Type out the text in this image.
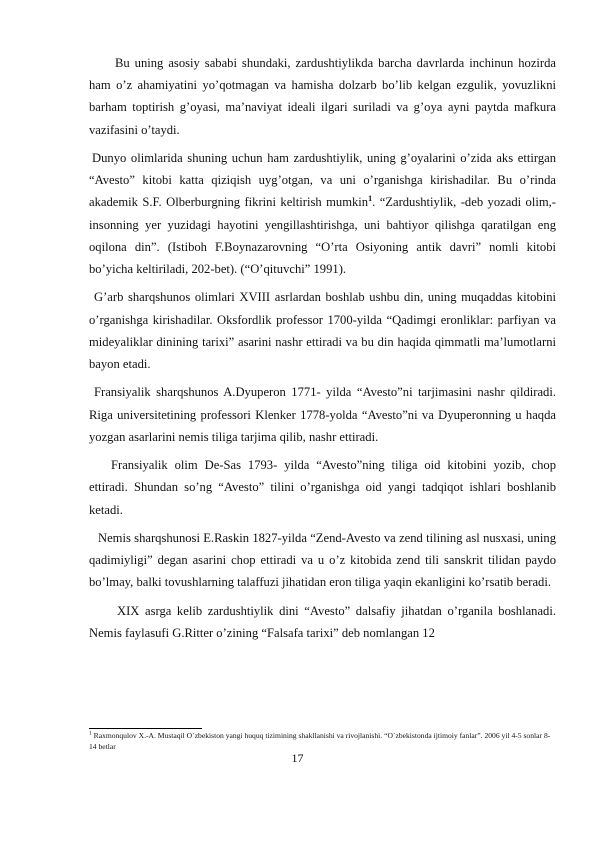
Bu uning asosiy sababi shundaki, zardushtiylikda barcha davrlarda inchinun hozirda ham o’z ahamiyatini yo’qotmagan va hamisha dolzarb bo’lib kelgan ezgulik, yovuzlikni barham toptirish g’oyasi, ma’naviyat ideali ilgari suriladi va g’oya ayni paytda mafkura vazifasini o’taydi.

Dunyo olimlarida shuning uchun ham zardushtiylik, uning g’oyalarini o’zida aks ettirgan “Avesto” kitobi katta qiziqish uyg’otgan, va uni o’rganishga kirishadilar. Bu o’rinda akademik S.F. Olberburgning fikrini keltirish mumkin$^1$. “Zardushtiylik, -deb yozadi olim,-insonning yer yuzidagi hayotini yengillashtirishga, uni bahtiyor qilishga qaratilgan eng oqilona din”. (Istiboh F.Boynazarovning “O’rta Osiyoning antik davri” nomli kitobi bo’yicha keltiriladi, 202-bet). (“O’qituvchi” 1991).

G’arb sharqshunos olimlari XVIII asrlardan boshlab ushbu din, uning muqaddas kitobini o’rganishga kirishadilar. Oksfordlik professor 1700-yilda “Qadimgi eronliklar: parfiyan va mideyaliklar dinining tarixi” asarini nashr ettiradi va bu din haqida qimmatli ma’lumotlarni bayon etadi.

Fransiyalik sharqshunos A.Dyuperon 1771- yilda “Avesto”ni tarjimasini nashr qildiradi. Riga universitetining professori Klenker 1778-yolda “Avesto”ni va Dyuperonning u haqda yozgan asarlarini nemis tiliga tarjima qilib, nashr ettiradi.

Fransiyalik olim De-Sas 1793- yilda “Avesto”ning tiliga oid kitobini yozib, chop ettiradi. Shundan so’ng “Avesto” tilini o’rganishga oid yangi tadqiqot ishlari boshlanib ketadi.

Nemis sharqshunosi E.Raskin 1827-yilda “Zend-Avesto va zend tilining asl nusxasi, uning qadimiyligi” degan asarini chop ettiradi va u o’z kitobida zend tili sanskrit tilidan paydo bo’lmay, balki tovushlarning talaffuzi jihatidan eron tiliga yaqin ekanligini ko’rsatib beradi.

XIX asrga kelib zardushtiylik dini “Avesto” dalsafiy jihatdan o’rganila boshlanadi. Nemis faylasufi G.Ritter o’zining “Falsafa tarixi” deb nomlangan 12

$^1$ Raxmonqulov X.-A. Mustaqil O`zbekiston yangi huquq tizimining shakllanishi va rivojlanishi. “O`zbekistonda ijtimoiy fanlar”. 2006 yil 4-5 sonlar 8-14 betlar
17
